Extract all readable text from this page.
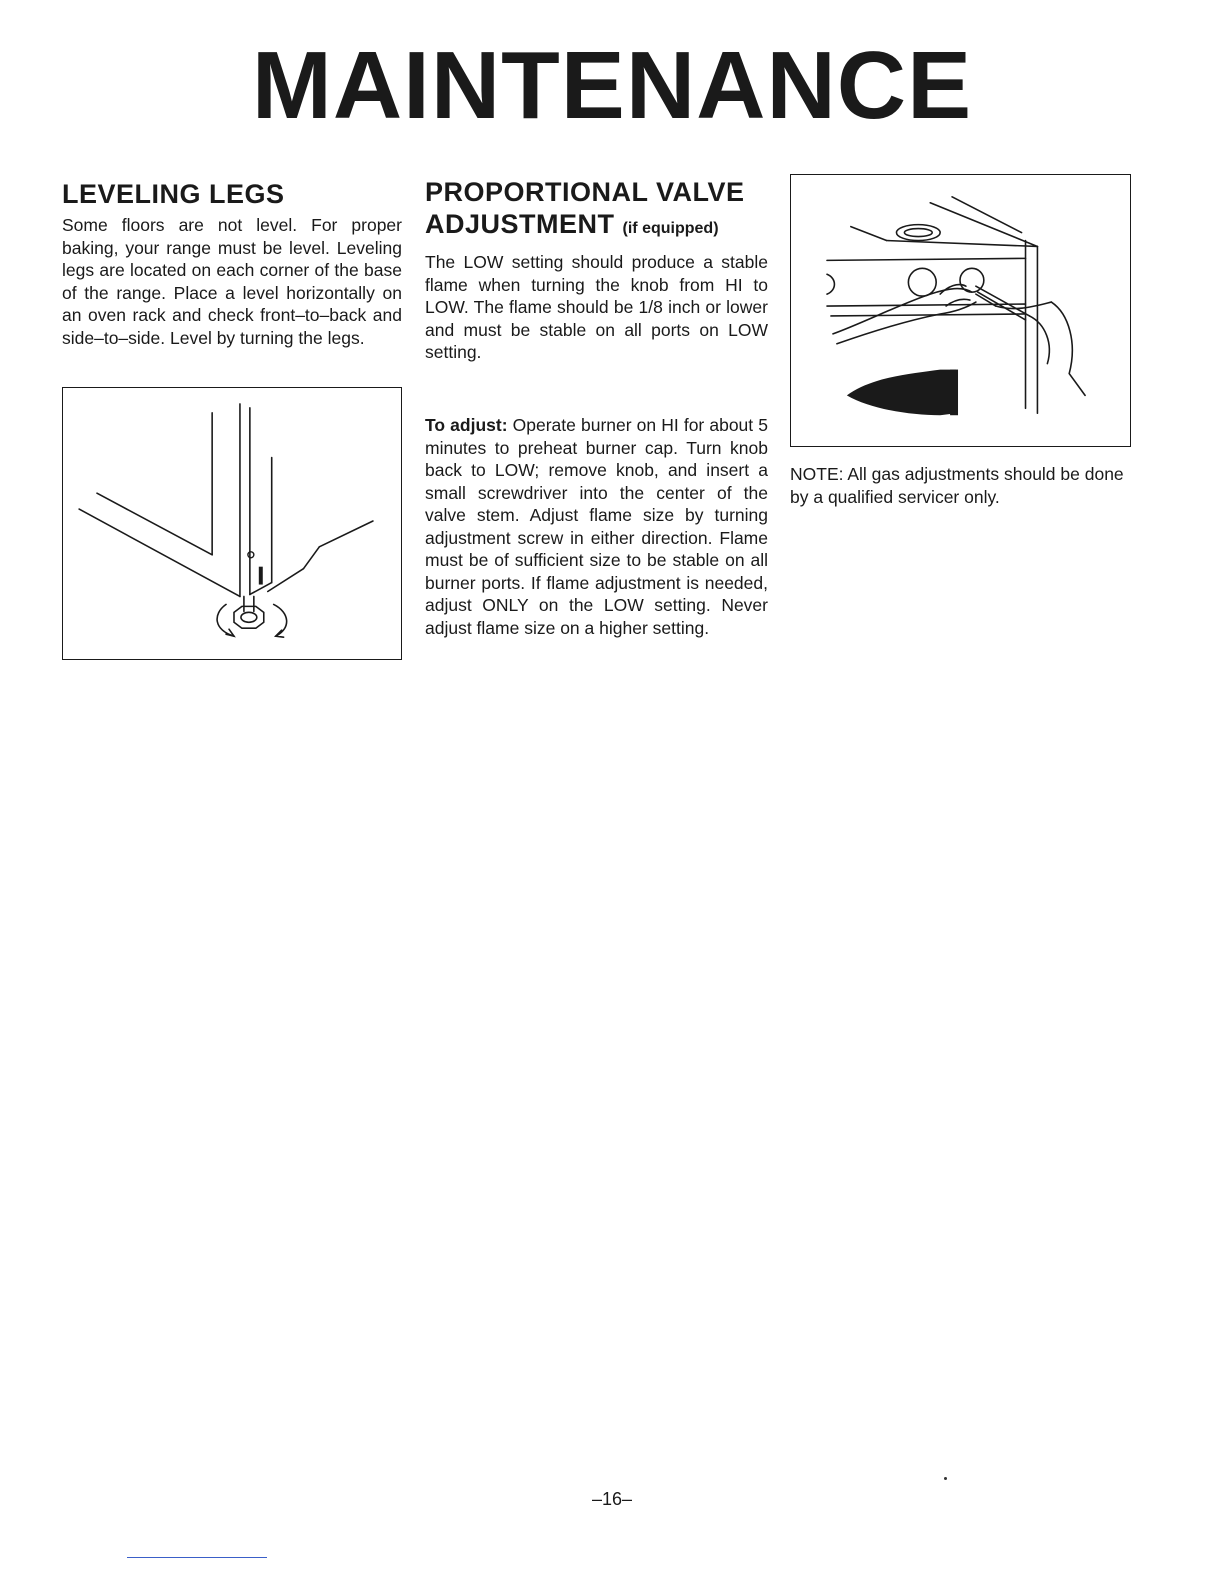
MAINTENANCE
LEVELING LEGS

Some floors are not level. For proper baking, your range must be level. Leveling legs are located on each corner of the base of the range. Place a level horizontally on an oven rack and check front–to–back and side–to–side. Level by turning the legs.

PROPORTIONAL VALVE
ADJUSTMENT (if equipped)

The LOW setting should produce a stable flame when turning the knob from HI to LOW. The flame should be 1/8 inch or lower and must be stable on all ports on LOW setting.

To adjust: Operate burner on HI for about 5 minutes to preheat burner cap. Turn knob back to LOW; remove knob, and insert a small screwdriver into the center of the valve stem. Adjust flame size by turning adjustment screw in either direction. Flame must be of sufficient size to be stable on all burner ports. If flame adjustment is needed, adjust ONLY on the LOW setting. Never adjust flame size on a higher setting.

NOTE: All gas adjustments should be done by a qualified servicer only.

–16–
